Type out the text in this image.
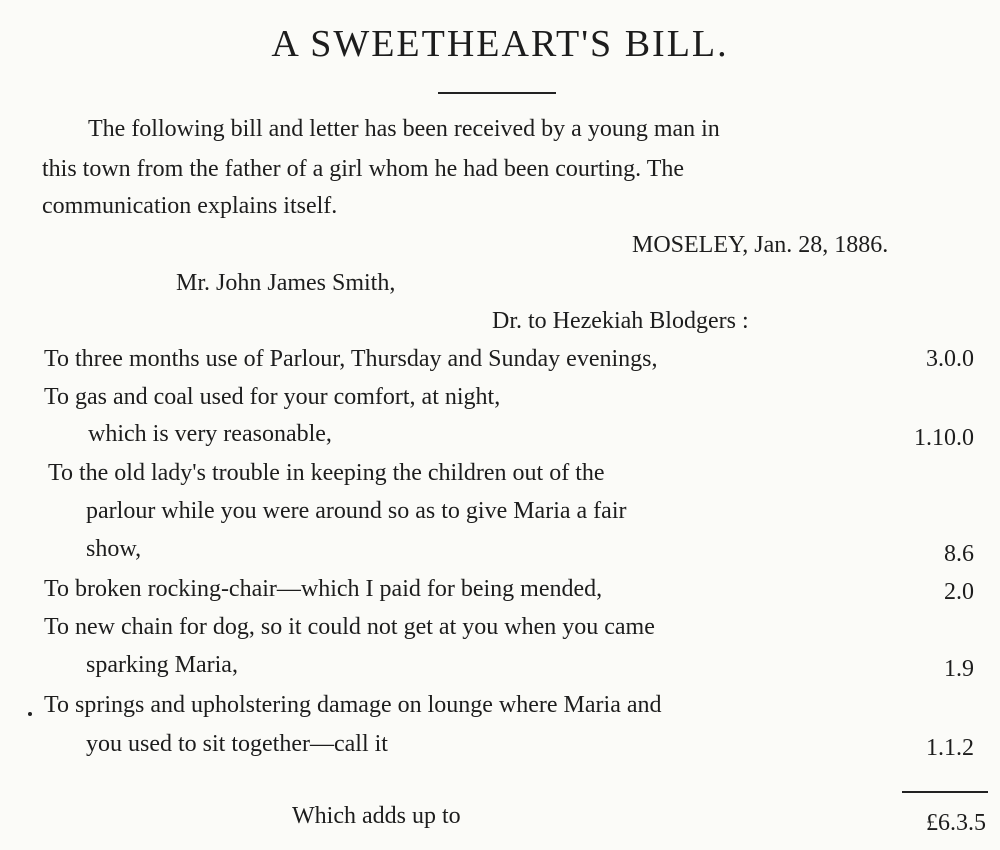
A SWEETHEART'S BILL.
The following bill and letter has been received by a young man in
this town from the father of a girl whom he had been courting. The
communication explains itself.
MOSELEY, Jan. 28, 1886.
Mr. John James Smith,
Dr. to Hezekiah Blodgers :
To three months use of Parlour, Thursday and Sunday evenings,	3.0.0
To gas and coal used for your comfort, at night,
which is very reasonable,	1.10.0
To the old lady's trouble in keeping the children out of the
parlour while you were around so as to give Maria a fair
show,	8.6
To broken rocking-chair—which I paid for being mended,	2.0
To new chain for dog, so it could not get at you when you came
sparking Maria,	1.9
To springs and upholstering damage on lounge where Maria and
you used to sit together—call it	1.1.2
Which adds up to	£6.3.5
